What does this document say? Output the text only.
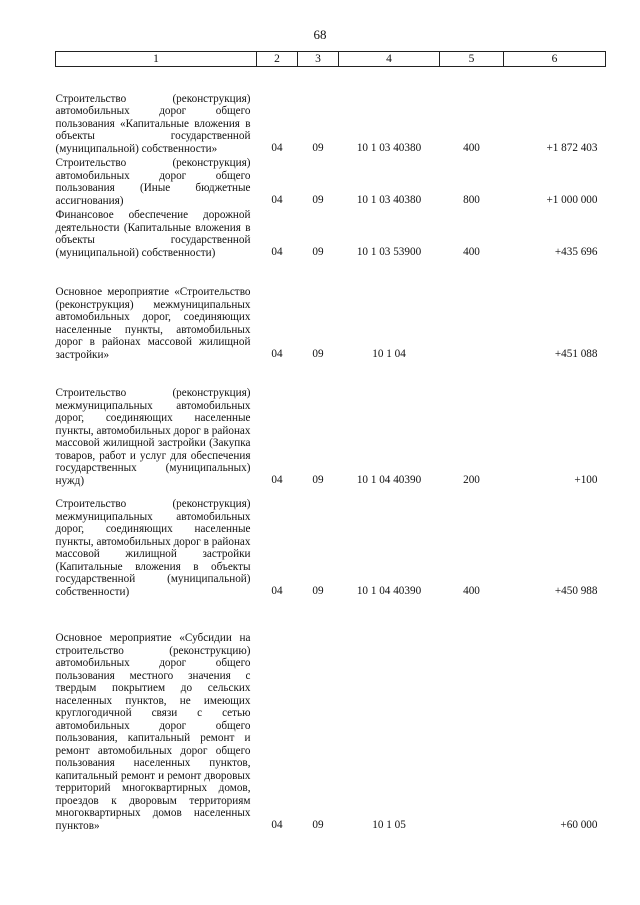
68
1	2	3	4	5	6
Строительство (реконструкция) автомобильных дорог общего пользования «Капитальные вложения в объекты государственной (муниципальной) собственности»	04	09	10 1 03 40380	400	+1 872 403
Строительство (реконструкция) автомобильных дорог общего пользования (Иные бюджетные ассигнования)	04	09	10 1 03 40380	800	+1 000 000
Финансовое обеспечение дорожной деятельности (Капитальные вложения в объекты государственной (муниципальной) собственности)	04	09	10 1 03 53900	400	+435 696
Основное мероприятие «Строительство (реконструкция) межмуниципальных автомобильных дорог, соединяющих населенные пункты, автомобильных дорог в районах массовой жилищной застройки»	04	09	10 1 04		+451 088
Строительство (реконструкция) межмуниципальных автомобильных дорог, соединяющих населенные пункты, автомобильных дорог в районах массовой жилищной застройки (Закупка товаров, работ и услуг для обеспечения государственных (муниципальных) нужд)	04	09	10 1 04 40390	200	+100
Строительство (реконструкция) межмуниципальных автомобильных дорог, соединяющих населенные пункты, автомобильных дорог в районах массовой жилищной застройки (Капитальные вложения в объекты государственной (муниципальной) собственности)	04	09	10 1 04 40390	400	+450 988
Основное мероприятие «Субсидии на строительство (реконструкцию) автомобильных дорог общего пользования местного значения с твердым покрытием до сельских населенных пунктов, не имеющих круглогодичной связи с сетью автомобильных дорог общего пользования, капитальный ремонт и ремонт автомобильных дорог общего пользования населенных пунктов, капитальный ремонт и ремонт дворовых территорий многоквартирных домов, проездов к дворовым территориям многоквартирных домов населенных пунктов»	04	09	10 1 05		+60 000
